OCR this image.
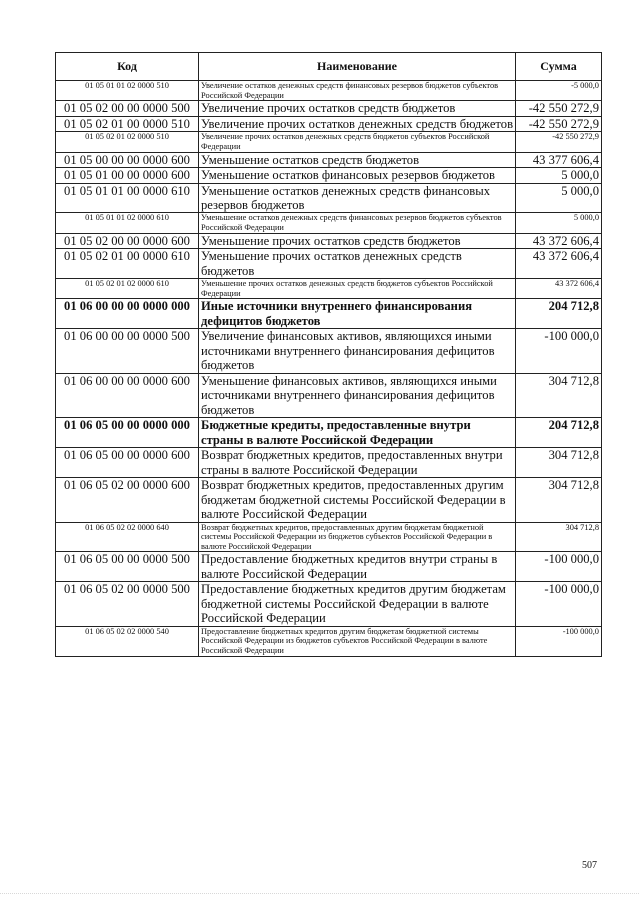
Код	Наименование	Сумма
01 05 01 01 02 0000 510	Увеличение остатков денежных средств финансовых резервов бюджетов субъектов Российской Федерации	-5 000,0
01 05 02 00 00 0000 500	Увеличение прочих остатков средств бюджетов	-42 550 272,9
01 05 02 01 00 0000 510	Увеличение прочих остатков денежных средств бюджетов	-42 550 272,9
01 05 02 01 02 0000 510	Увеличение прочих остатков денежных средств бюджетов субъектов Российской Федерации	-42 550 272,9
01 05 00 00 00 0000 600	Уменьшение остатков средств бюджетов	43 377 606,4
01 05 01 00 00 0000 600	Уменьшение остатков финансовых резервов бюджетов	5 000,0
01 05 01 01 00 0000 610	Уменьшение остатков денежных средств финансовых резервов бюджетов	5 000,0
01 05 01 01 02 0000 610	Уменьшение остатков денежных средств финансовых резервов бюджетов субъектов Российской Федерации	5 000,0
01 05 02 00 00 0000 600	Уменьшение прочих остатков средств бюджетов	43 372 606,4
01 05 02 01 00 0000 610	Уменьшение прочих остатков денежных средств бюджетов	43 372 606,4
01 05 02 01 02 0000 610	Уменьшение прочих остатков денежных средств бюджетов субъектов Российской Федерации	43 372 606,4
01 06 00 00 00 0000 000	Иные источники внутреннего финансирования дефицитов бюджетов	204 712,8
01 06 00 00 00 0000 500	Увеличение финансовых активов, являющихся иными источниками внутреннего финансирования дефицитов бюджетов	-100 000,0
01 06 00 00 00 0000 600	Уменьшение финансовых активов, являющихся иными источниками внутреннего финансирования дефицитов бюджетов	304 712,8
01 06 05 00 00 0000 000	Бюджетные кредиты, предоставленные внутри страны в валюте Российской Федерации	204 712,8
01 06 05 00 00 0000 600	Возврат бюджетных кредитов, предоставленных внутри страны в валюте Российской Федерации	304 712,8
01 06 05 02 00 0000 600	Возврат бюджетных кредитов, предоставленных другим бюджетам бюджетной системы Российской Федерации в валюте Российской Федерации	304 712,8
01 06 05 02 02 0000 640	Возврат бюджетных кредитов, предоставленных другим бюджетам бюджетной системы Российской Федерации из бюджетов субъектов Российской Федерации в валюте Российской Федерации	304 712,8
01 06 05 00 00 0000 500	Предоставление бюджетных кредитов внутри страны в валюте Российской Федерации	-100 000,0
01 06 05 02 00 0000 500	Предоставление бюджетных кредитов другим бюджетам бюджетной системы Российской Федерации в валюте Российской Федерации	-100 000,0
01 06 05 02 02 0000 540	Предоставление бюджетных кредитов другим бюджетам бюджетной системы Российской Федерации из бюджетов субъектов Российской Федерации в валюте Российской Федерации	-100 000,0
507
